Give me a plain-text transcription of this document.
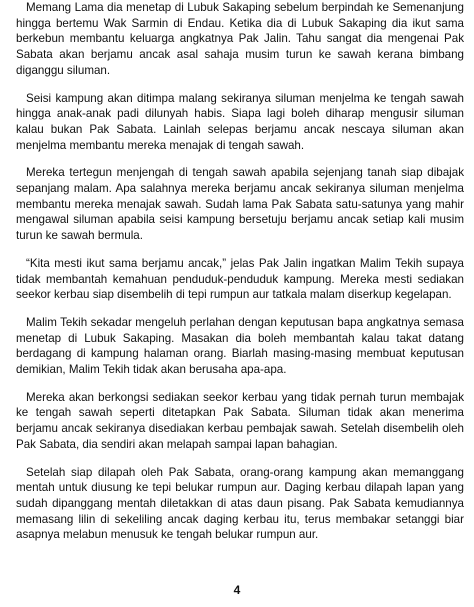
Memang Lama dia menetap di Lubuk Sakaping sebelum berpindah ke Semenanjung hingga bertemu Wak Sarmin di Endau. Ketika dia di Lubuk Sakaping dia ikut sama berkebun membantu keluarga angkatnya Pak Jalin. Tahu sangat dia mengenai Pak Sabata akan berjamu ancak asal sahaja musim turun ke sawah kerana bimbang diganggu siluman.

Seisi kampung akan ditimpa malang sekiranya siluman menjelma ke tengah sawah hingga anak-anak padi dilunyah habis. Siapa lagi boleh diharap mengusir siluman kalau bukan Pak Sabata. Lainlah selepas berjamu ancak nescaya siluman akan menjelma membantu mereka menajak di tengah sawah.

Mereka tertegun menjengah di tengah sawah apabila sejenjang tanah siap dibajak sepanjang malam. Apa salahnya mereka berjamu ancak sekiranya siluman menjelma membantu mereka menajak sawah. Sudah lama Pak Sabata satu-satunya yang mahir mengawal siluman apabila seisi kampung bersetuju berjamu ancak setiap kali musim turun ke sawah bermula.

“Kita mesti ikut sama berjamu ancak,” jelas Pak Jalin ingatkan Malim Tekih supaya tidak membantah kemahuan penduduk-penduduk kampung. Mereka mesti sediakan seekor kerbau siap disembelih di tepi rumpun aur tatkala malam diserkup kegelapan.

Malim Tekih sekadar mengeluh perlahan dengan keputusan bapa angkatnya semasa menetap di Lubuk Sakaping. Masakan dia boleh membantah kalau takat datang berdagang di kampung halaman orang. Biarlah masing-masing membuat keputusan demikian, Malim Tekih tidak akan berusaha apa-apa.

Mereka akan berkongsi sediakan seekor kerbau yang tidak pernah turun membajak ke tengah sawah seperti ditetapkan Pak Sabata. Siluman tidak akan menerima berjamu ancak sekiranya disediakan kerbau pembajak sawah. Setelah disembelih oleh Pak Sabata, dia sendiri akan melapah sampai lapan bahagian.

Setelah siap dilapah oleh Pak Sabata, orang-orang kampung akan memanggang mentah untuk diusung ke tepi belukar rumpun aur. Daging kerbau dilapah lapan yang sudah dipanggang mentah diletakkan di atas daun pisang. Pak Sabata kemudiannya memasang lilin di sekeliling ancak daging kerbau itu, terus membakar setanggi biar asapnya melabun menusuk ke tengah belukar rumpun aur.

4
